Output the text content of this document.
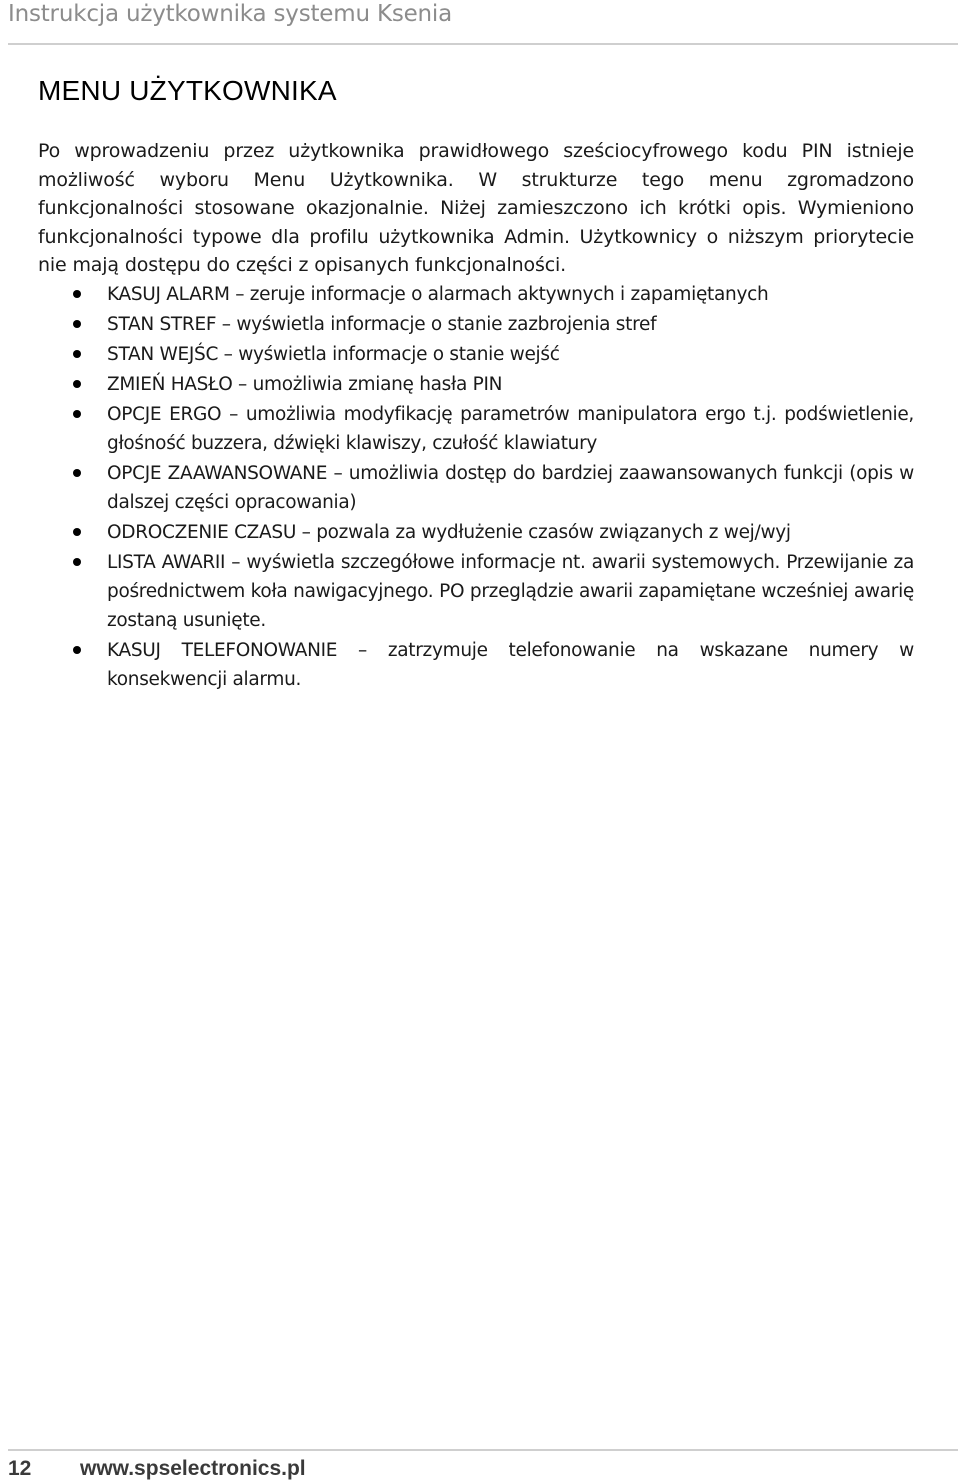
Instrukcja użytkownika systemu Ksenia
MENU UŻYTKOWNIKA

Po wprowadzeniu przez użytkownika prawidłowego sześciocyfrowego kodu PIN istnieje możliwość wyboru Menu Użytkownika. W strukturze tego menu zgromadzono funkcjonalności stosowane okazjonalnie. Niżej zamieszczono ich krótki opis. Wymieniono funkcjonalności typowe dla profilu użytkownika Admin. Użytkownicy o niższym priorytecie nie mają dostępu do części z opisanych funkcjonalności.

KASUJ ALARM – zeruje informacje o alarmach aktywnych i zapamiętanych
STAN STREF – wyświetla informacje o stanie zazbrojenia stref
STAN WEJŚC – wyświetla informacje o stanie wejść
ZMIEŃ HASŁO – umożliwia zmianę hasła PIN
OPCJE ERGO – umożliwia modyfikację parametrów manipulatora ergo t.j. podświetlenie, głośność buzzera, dźwięki klawiszy, czułość klawiatury
OPCJE ZAAWANSOWANE – umożliwia dostęp do bardziej zaawansowanych funkcji (opis w dalszej części opracowania)
ODROCZENIE CZASU – pozwala za wydłużenie czasów związanych z wej/wyj
LISTA AWARII – wyświetla szczegółowe informacje nt. awarii systemowych. Przewijanie za pośrednictwem koła nawigacyjnego. PO przeglądzie awarii zapamiętane wcześniej awarię zostaną usunięte.
KASUJ TELEFONOWANIE – zatrzymuje telefonowanie na wskazane numery w konsekwencji alarmu.
12 www.spselectronics.pl
